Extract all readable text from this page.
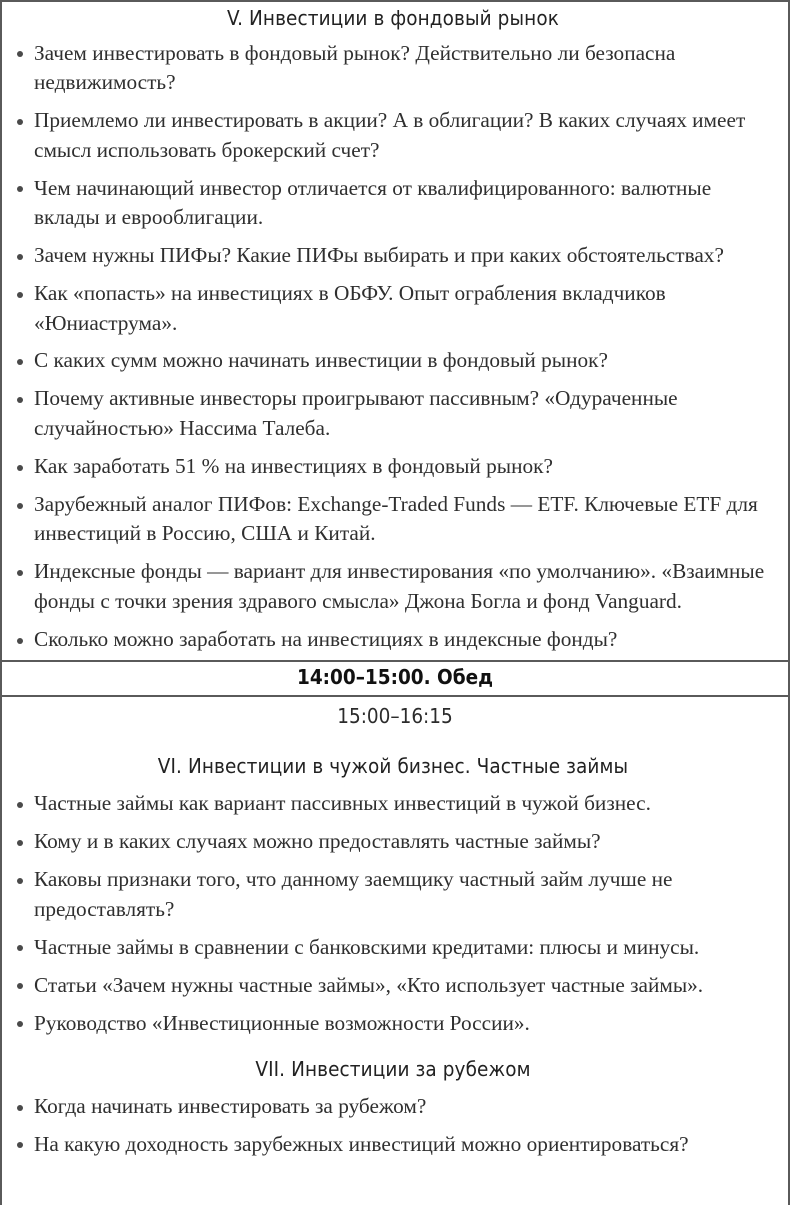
V. Инвестиции в фондовый рынок
Зачем инвестировать в фондовый рынок? Действительно ли безопасна недвижимость?
Приемлемо ли инвестировать в акции? А в облигации? В каких случаях имеет смысл использовать брокерский счет?
Чем начинающий инвестор отличается от квалифицированного: валютные вклады и еврооблигации.
Зачем нужны ПИФы? Какие ПИФы выбирать и при каких обстоятельствах?
Как «попасть» на инвестициях в ОБФУ. Опыт ограбления вкладчиков «Юниаструма».
С каких сумм можно начинать инвестиции в фондовый рынок?
Почему активные инвесторы проигрывают пассивным? «Одураченные случайностью» Нассима Талеба.
Как заработать 51 % на инвестициях в фондовый рынок?
Зарубежный аналог ПИФов: Exchange-Traded Funds — ETF. Ключевые ETF для инвестиций в Россию, США и Китай.
Индексные фонды — вариант для инвестирования «по умолчанию». «Взаимные фонды с точки зрения здравого смысла» Джона Богла и фонд Vanguard.
Сколько можно заработать на инвестициях в индексные фонды?
14:00–15:00. Обед
15:00–16:15
VI. Инвестиции в чужой бизнес. Частные займы
Частные займы как вариант пассивных инвестиций в чужой бизнес.
Кому и в каких случаях можно предоставлять частные займы?
Каковы признаки того, что данному заемщику частный займ лучше не предоставлять?
Частные займы в сравнении с банковскими кредитами: плюсы и минусы.
Статьи «Зачем нужны частные займы», «Кто использует частные займы».
Руководство «Инвестиционные возможности России».
VII. Инвестиции за рубежом
Когда начинать инвестировать за рубежом?
На какую доходность зарубежных инвестиций можно ориентироваться?
